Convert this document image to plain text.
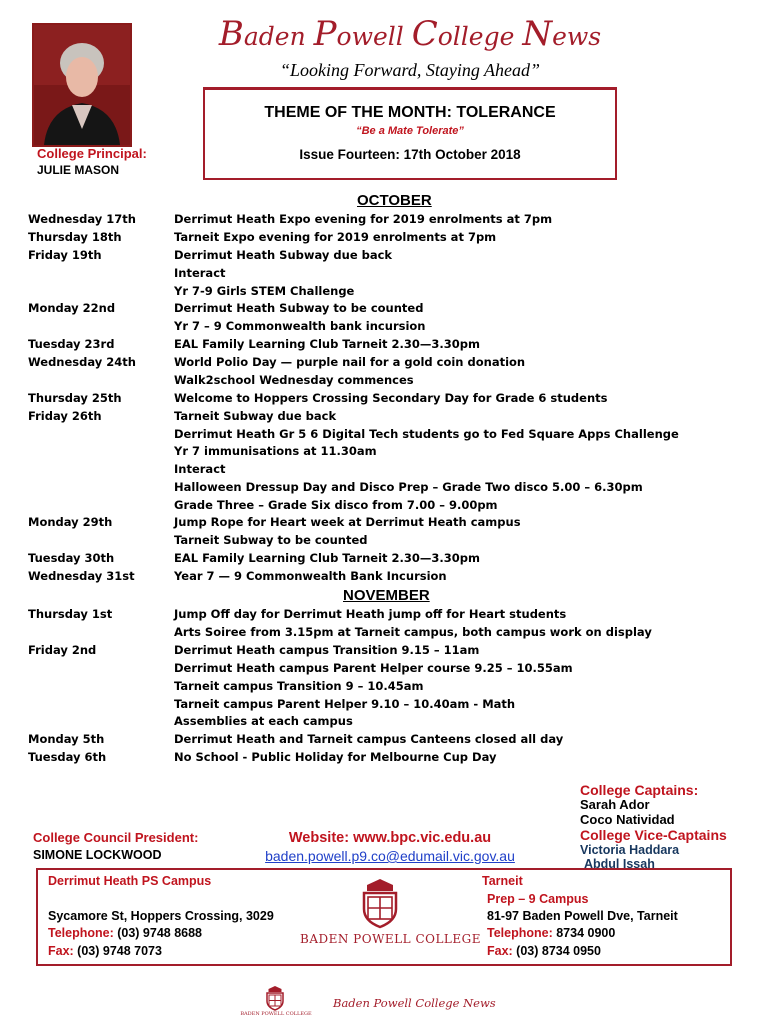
Baden Powell College News
“Looking Forward, Staying Ahead”
THEME OF THE MONTH: TOLERANCE
“Be a Mate Tolerate”
Issue Fourteen: 17th October 2018
College Principal:
JULIE MASON
OCTOBER
Wednesday 17th
Thursday 18th
Friday 19th
Monday 22nd
Tuesday 23rd
Wednesday 24th
Thursday 25th
Friday 26th
Monday 29th
Tuesday 30th
Wednesday 31st
Derrimut Heath Expo evening for 2019 enrolments at 7pm
Tarneit Expo evening for 2019 enrolments at 7pm
Derrimut Heath Subway due back
Interact
Yr 7-9 Girls STEM Challenge
Derrimut Heath Subway to be counted
Yr 7 – 9 Commonwealth bank incursion
EAL Family Learning Club Tarneit 2.30—3.30pm
World Polio Day — purple nail for a gold coin donation
Walk2school Wednesday commences
Welcome to Hoppers Crossing Secondary Day for Grade 6 students
Tarneit Subway due back
Derrimut Heath Gr 5 6 Digital Tech students go to Fed Square Apps Challenge
Yr 7 immunisations at 11.30am
Interact
Halloween Dressup Day and Disco Prep – Grade Two disco 5.00 – 6.30pm
Grade Three – Grade Six disco from 7.00 – 9.00pm
Jump Rope for Heart week at Derrimut Heath campus
Tarneit Subway to be counted
EAL Family Learning Club Tarneit 2.30—3.30pm
Year 7 — 9 Commonwealth Bank Incursion
NOVEMBER
Thursday 1st
Friday 2nd
Monday 5th
Tuesday 6th
Jump Off day for Derrimut Heath jump off for Heart students
Arts Soiree from 3.15pm at Tarneit campus, both campus work on display
Derrimut Heath campus Transition 9.15 – 11am
Derrimut Heath campus Parent Helper course 9.25 – 10.55am
Tarneit campus Transition 9 – 10.45am
Tarneit campus Parent Helper 9.10 – 10.40am - Math
Assemblies at each campus
Derrimut Heath and Tarneit campus Canteens closed all day
No School - Public Holiday for Melbourne Cup Day
College Captains:
Sarah Ador
Coco Natividad
College Vice-Captains
Victoria Haddara
Abdul Issah
College Council President:
SIMONE LOCKWOOD
Website: www.bpc.vic.edu.au
baden.powell.p9.co@edumail.vic.gov.au
Derrimut Heath PS Campus
Sycamore St, Hoppers Crossing, 3029
Telephone: (03) 9748 8688
Fax: (03) 9748 7073
Tarneit
Prep – 9 Campus
81-97 Baden Powell Dve, Tarneit
Telephone: 8734 0900
Fax: (03) 8734 0950
BADEN POWELL COLLEGE
BADEN POWELL COLLEGE
Baden Powell College News
